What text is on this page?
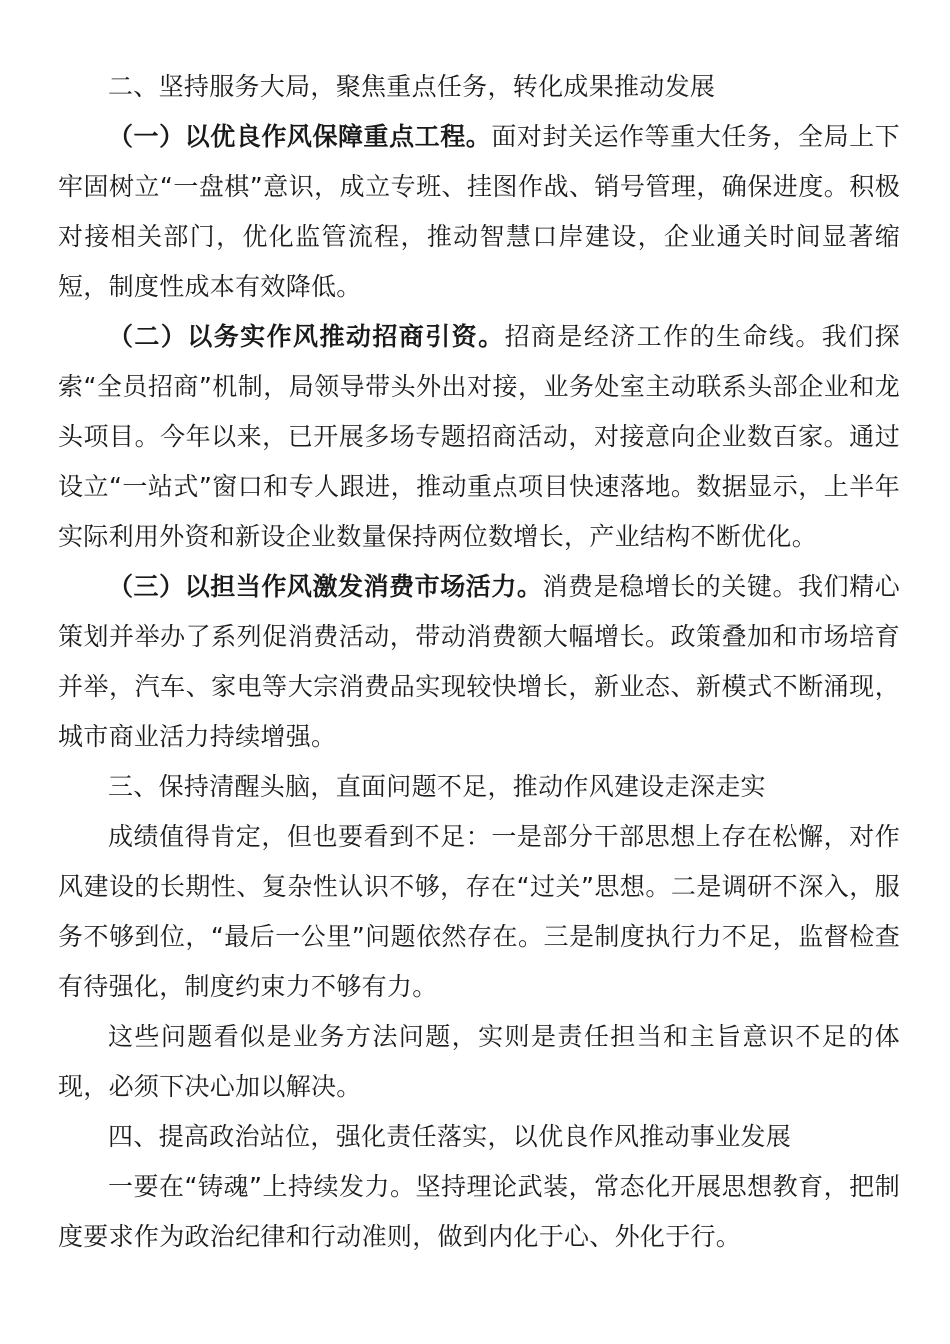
二、坚持服务大局，聚焦重点任务，转化成果推动发展

（一）以优良作风保障重点工程。面对封关运作等重大任务，全局上下牢固树立“一盘棋”意识，成立专班、挂图作战、销号管理，确保进度。积极对接相关部门，优化监管流程，推动智慧口岸建设，企业通关时间显著缩短，制度性成本有效降低。

（二）以务实作风推动招商引资。招商是经济工作的生命线。我们探索“全员招商”机制，局领导带头外出对接，业务处室主动联系头部企业和龙头项目。今年以来，已开展多场专题招商活动，对接意向企业数百家。通过设立“一站式”窗口和专人跟进，推动重点项目快速落地。数据显示，上半年实际利用外资和新设企业数量保持两位数增长，产业结构不断优化。

（三）以担当作风激发消费市场活力。消费是稳增长的关键。我们精心策划并举办了系列促消费活动，带动消费额大幅增长。政策叠加和市场培育并举，汽车、家电等大宗消费品实现较快增长，新业态、新模式不断涌现，城市商业活力持续增强。

三、保持清醒头脑，直面问题不足，推动作风建设走深走实

成绩值得肯定，但也要看到不足：一是部分干部思想上存在松懈，对作风建设的长期性、复杂性认识不够，存在“过关”思想。二是调研不深入，服务不够到位，“最后一公里”问题依然存在。三是制度执行力不足，监督检查有待强化，制度约束力不够有力。

这些问题看似是业务方法问题，实则是责任担当和主旨意识不足的体现，必须下决心加以解决。

四、提高政治站位，强化责任落实，以优良作风推动事业发展

一要在“铸魂”上持续发力。坚持理论武装，常态化开展思想教育，把制度要求作为政治纪律和行动准则，做到内化于心、外化于行。
